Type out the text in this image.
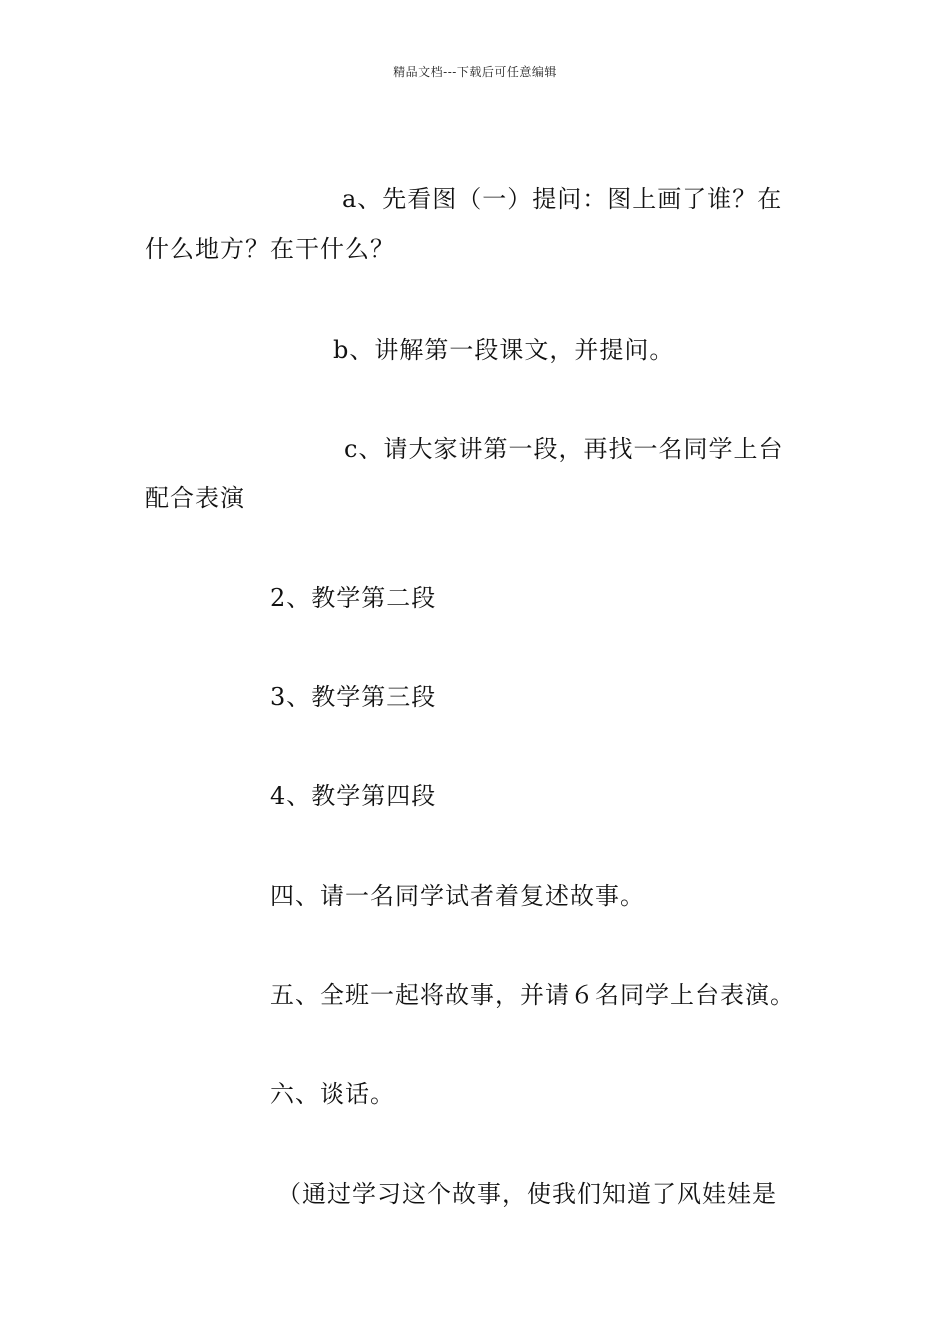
精品文档---下载后可任意编辑
a、先看图（一）提问：图上画了谁？在
什么地方？在干什么？
b、讲解第一段课文，并提问。
c、请大家讲第一段，再找一名同学上台
配合表演
2、教学第二段
3、教学第三段
4、教学第四段
四、请一名同学试者着复述故事。
五、全班一起将故事，并请６名同学上台表演。
六、谈话。
（通过学习这个故事，使我们知道了风娃娃是
